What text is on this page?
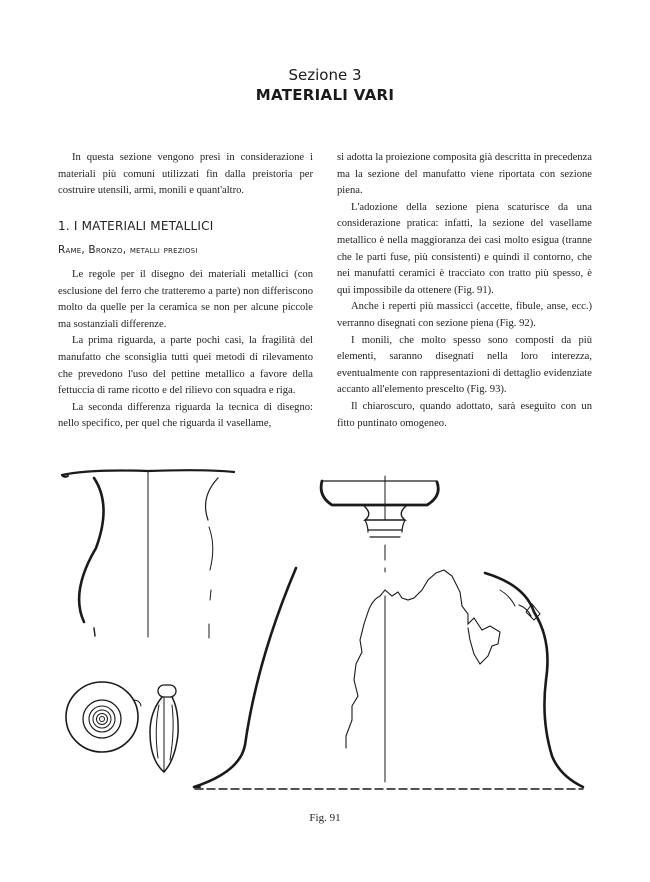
Sezione 3
MATERIALI VARI

In questa sezione vengono presi in considerazione i materiali più comuni utilizzati fin dalla preistoria per costruire utensili, armi, monili e quant'altro.

1. I MATERIALI METALLICI
Rame, Bronzo, metalli preziosi

Le regole per il disegno dei materiali metallici (con esclusione del ferro che tratteremo a parte) non differiscono molto da quelle per la ceramica se non per alcune piccole ma sostanziali differenze.

La prima riguarda, a parte pochi casi, la fragilità del manufatto che sconsiglia tutti quei metodi di rilevamento che prevedono l'uso del pettine metallico a favore della fettuccia di rame ricotto e del rilievo con squadra e riga.

La seconda differenza riguarda la tecnica di disegno: nello specifico, per quel che riguarda il vasellame,

si adotta la proiezione composita già descritta in precedenza ma la sezione del manufatto viene riportata con sezione piena.

L'adozione della sezione piena scaturisce da una considerazione pratica: infatti, la sezione del vasellame metallico è nella maggioranza dei casi molto esigua (tranne che le parti fuse, più consistenti) e quindi il contorno, che nei manufatti ceramici è tracciato con tratto più spesso, è qui impossibile da ottenere (Fig. 91).

Anche i reperti più massicci (accette, fibule, anse, ecc.) verranno disegnati con sezione piena (Fig. 92).

I monili, che molto spesso sono composti da più elementi, saranno disegnati nella loro interezza, eventualmente con rappresentazioni di dettaglio evidenziate accanto all'elemento prescelto (Fig. 93).

Il chiaroscuro, quando adottato, sarà eseguito con un fitto puntinato omogeneo.

Fig. 91
